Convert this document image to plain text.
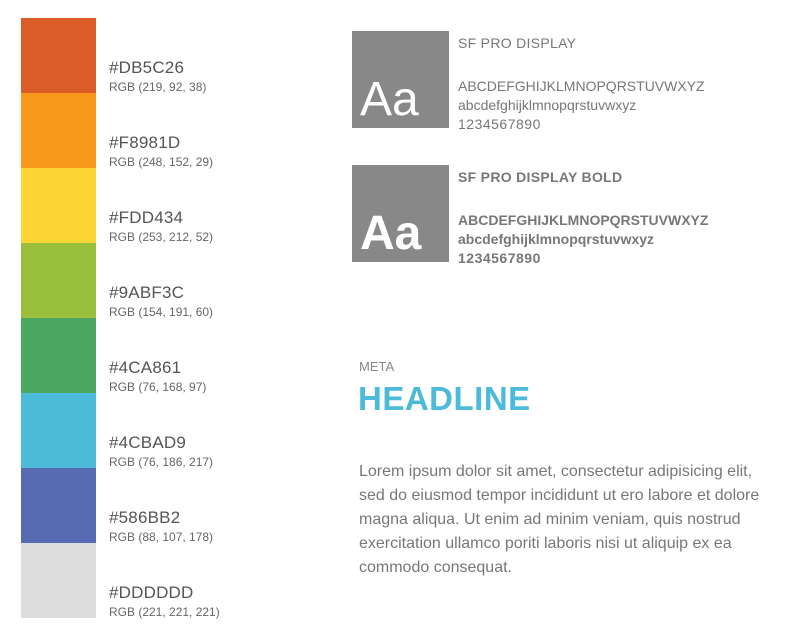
#DB5C26
RGB (219, 92, 38)
#F8981D
RGB (248, 152, 29)
#FDD434
RGB (253, 212, 52)
#9ABF3C
RGB (154, 191, 60)
#4CA861
RGB (76, 168, 97)
#4CBAD9
RGB (76, 186, 217)
#586BB2
RGB (88, 107, 178)
#DDDDDD
RGB (221, 221, 221)
Aa
SF PRO DISPLAY
ABCDEFGHIJKLMNOPQRSTUVWXYZ
abcdefghijklmnopqrstuvwxyz
1234567890
Aa
SF PRO DISPLAY BOLD
ABCDEFGHIJKLMNOPQRSTUVWXYZ
abcdefghijklmnopqrstuvwxyz
1234567890
META
HEADLINE
Lorem ipsum dolor sit amet, consectetur adipisicing elit, sed do eiusmod tempor incididunt ut ero labore et dolore magna aliqua. Ut enim ad minim veniam, quis nostrud exercitation ullamco poriti laboris nisi ut aliquip ex ea commodo consequat.
